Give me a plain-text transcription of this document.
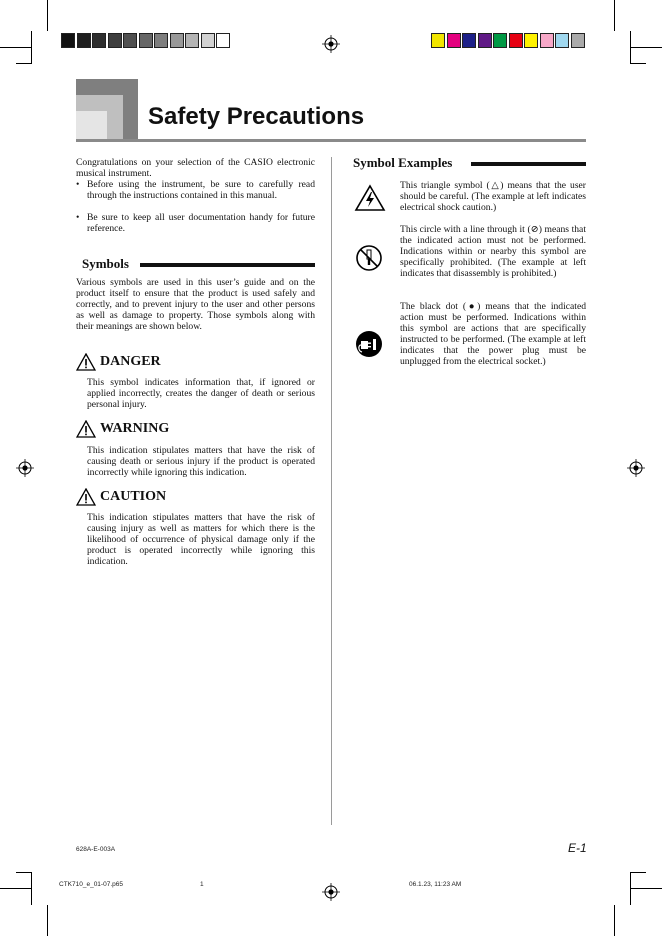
Safety Precautions
Congratulations on your selection of the CASIO electronic musical instrument.
• Before using the instrument, be sure to carefully read through the instructions contained in this manual.
• Be sure to keep all user documentation handy for future reference.
Symbols
Various symbols are used in this user’s guide and on the product itself to ensure that the product is used safely and correctly, and to prevent injury to the user and other persons as well as damage to property. Those symbols along with their meanings are shown below.
DANGER
This symbol indicates information that, if ignored or applied incorrectly, creates the danger of death or serious personal injury.
WARNING
This indication stipulates matters that have the risk of causing death or serious injury if the product is operated incorrectly while ignoring this indication.
CAUTION
This indication stipulates matters that have the risk of causing injury as well as matters for which there is the likelihood of occurrence of physical damage only if the product is operated incorrectly while ignoring this indication.
Symbol Examples
This triangle symbol (△) means that the user should be careful. (The example at left indicates electrical shock caution.)
This circle with a line through it (⊘) means that the indicated action must not be performed. Indications within or nearby this symbol are specifically prohibited. (The example at left indicates that disassembly is prohibited.)
The black dot (●) means that the indicated action must be performed. Indications within this symbol are actions that are specifically instructed to be performed. (The example at left indicates that the power plug must be unplugged from the electrical socket.)
628A-E-003A	E-1
CTK710_e_01-07.p65	1	06.1.23, 11:23 AM
